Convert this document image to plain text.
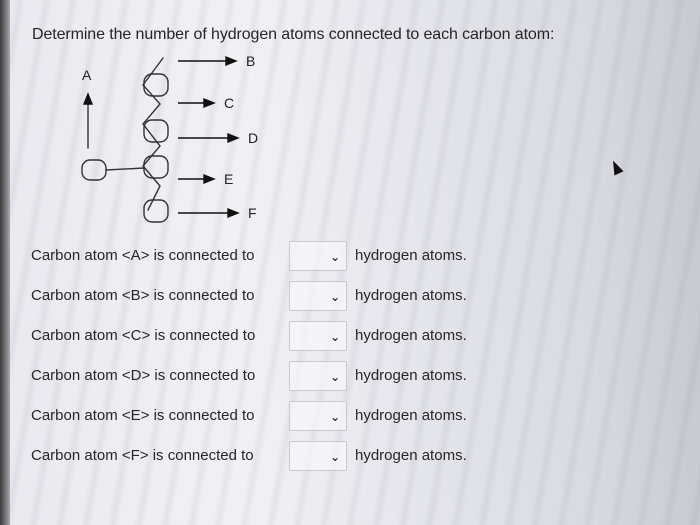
Determine the number of hydrogen atoms connected to each carbon atom:
A
B
C
D
E
F
Carbon atom <A> is connected to	⌄ hydrogen atoms.
Carbon atom <B> is connected to	⌄ hydrogen atoms.
Carbon atom <C> is connected to	⌄ hydrogen atoms.
Carbon atom <D> is connected to	⌄ hydrogen atoms.
Carbon atom <E> is connected to	⌄ hydrogen atoms.
Carbon atom <F> is connected to	⌄ hydrogen atoms.
